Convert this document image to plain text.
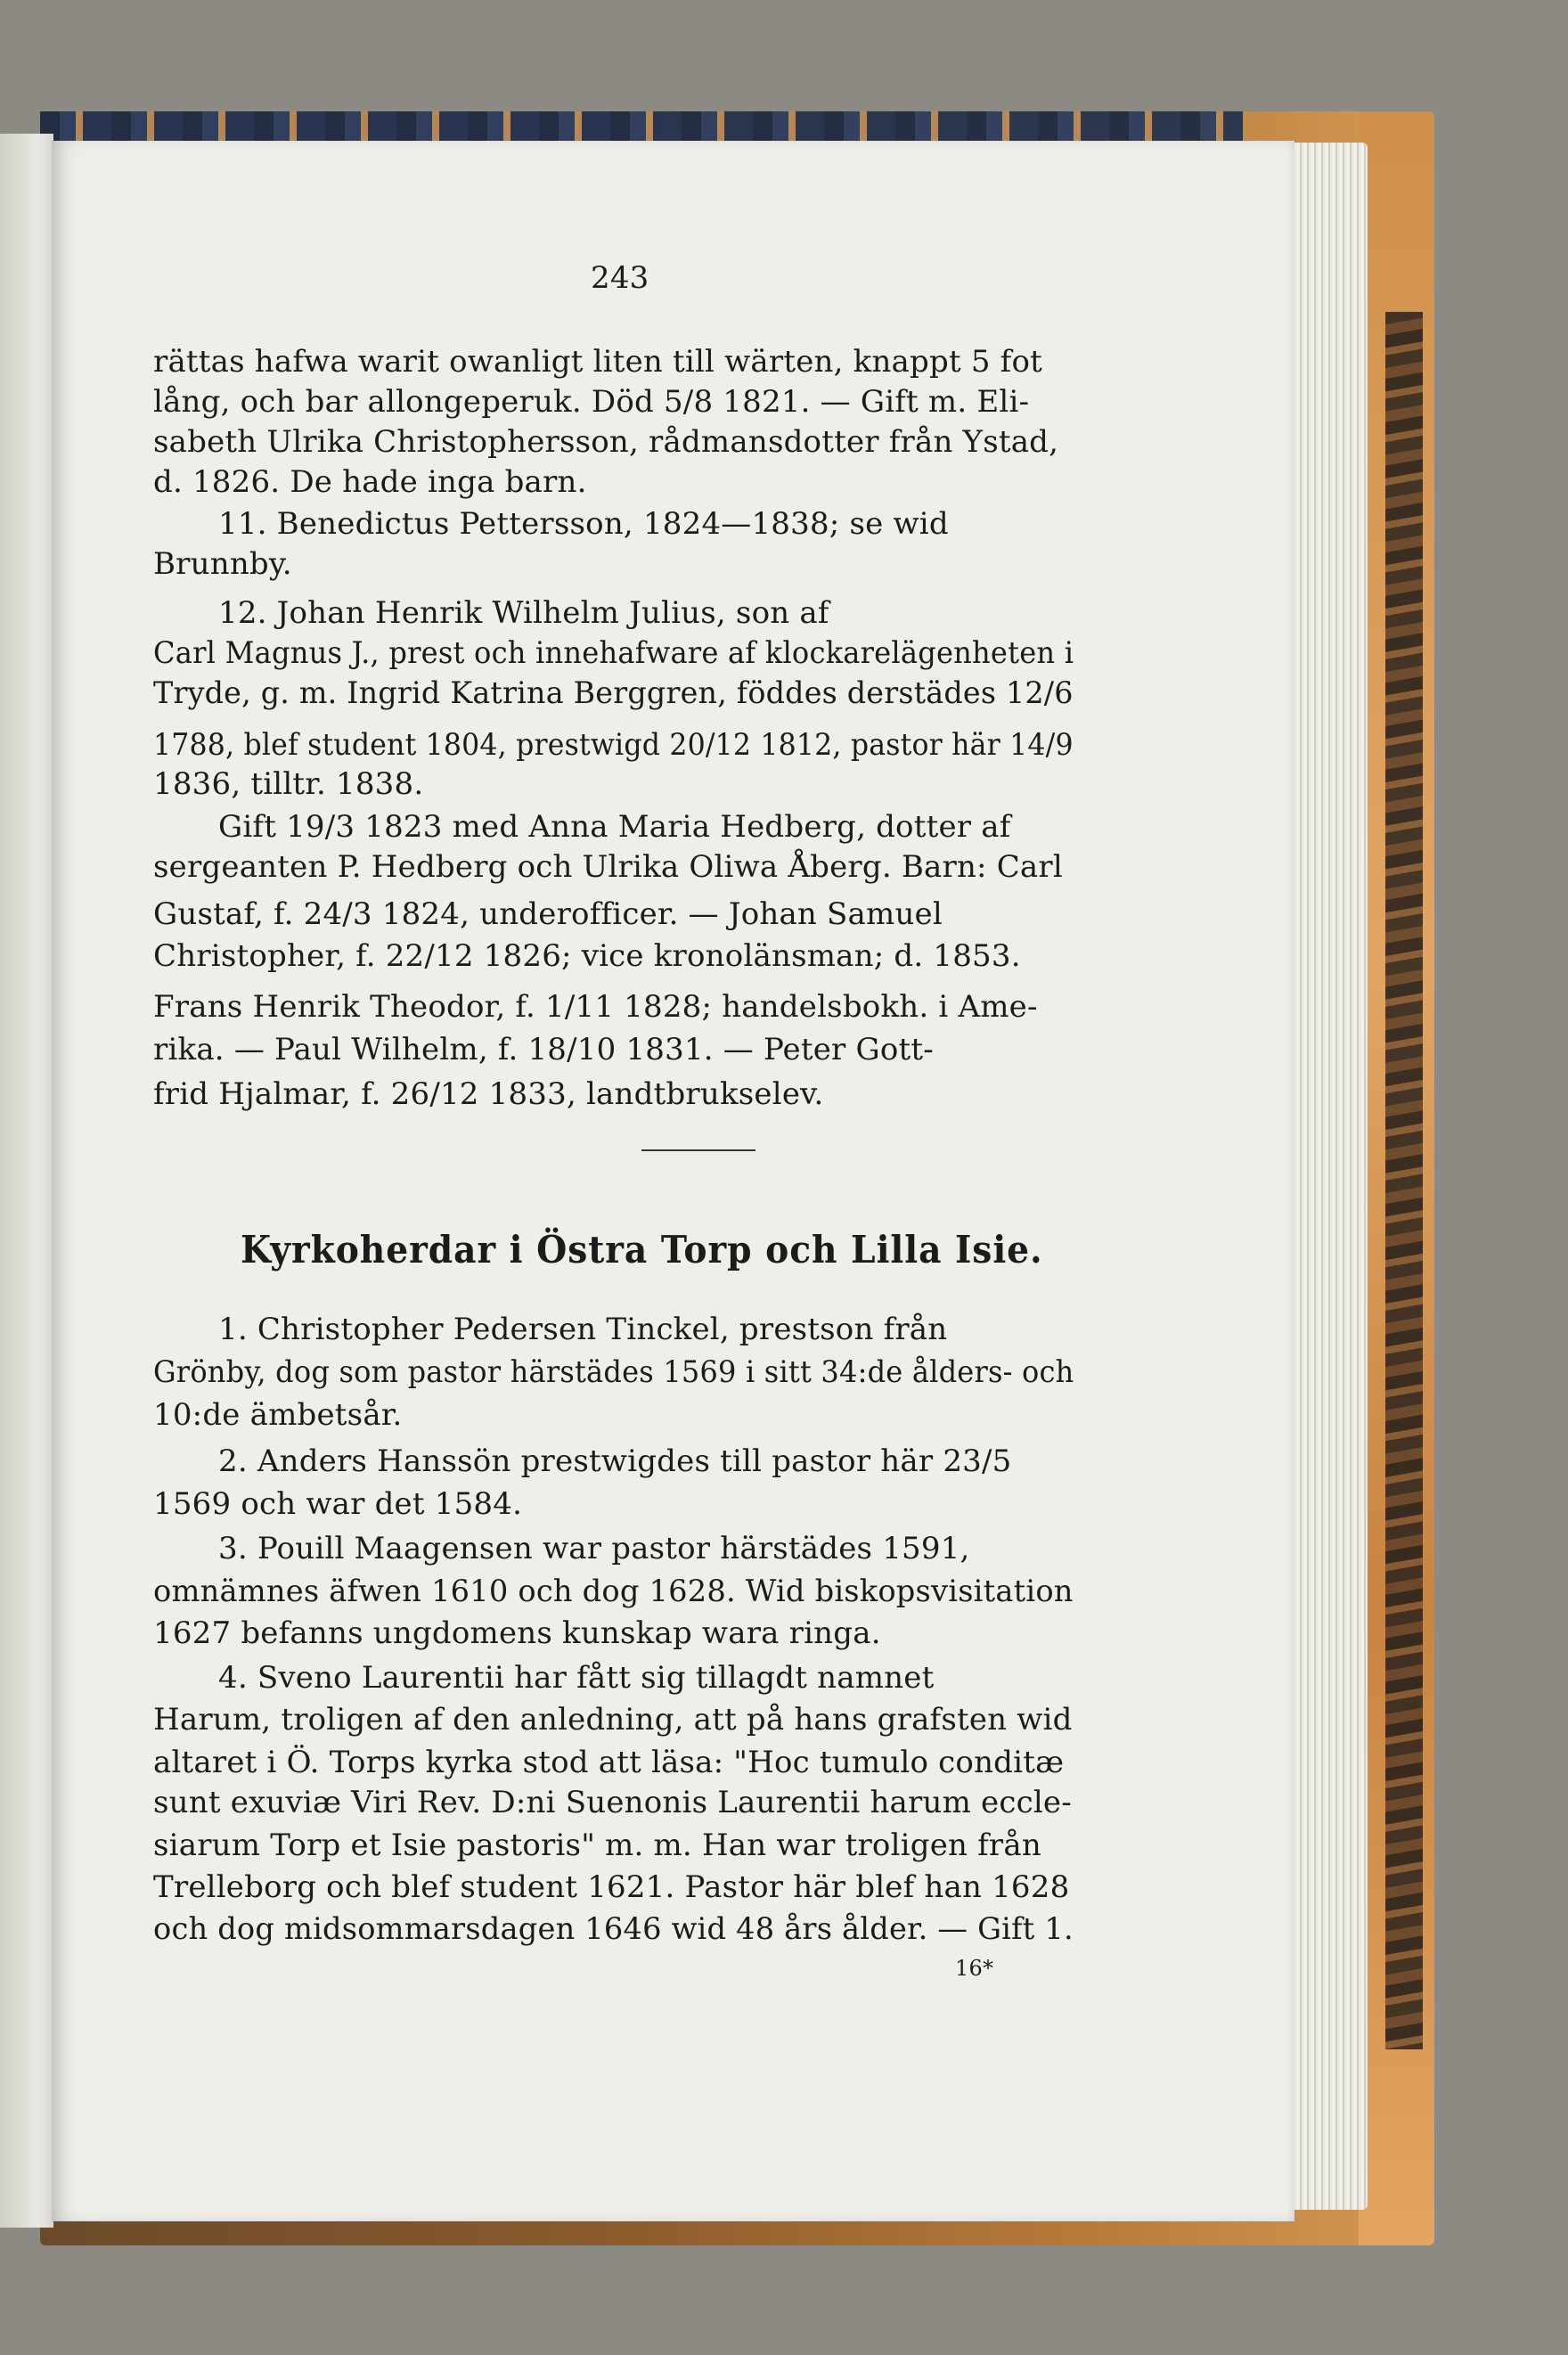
243
rättas hafwa warit owanligt liten till wärten, knappt 5 fot
lång, och bar allongeperuk. Död 5/8 1821. — Gift m. Eli-
sabeth Ulrika Christophersson, rådmansdotter från Ystad,
d. 1826. De hade inga barn.
11. Benedictus Pettersson, 1824—1838; se wid
Brunnby.
12. Johan Henrik Wilhelm Julius, son af
Carl Magnus J., prest och innehafware af klockarelägenheten i
Tryde, g. m. Ingrid Katrina Berggren, föddes derstädes 12/6
1788, blef student 1804, prestwigd 20/12 1812, pastor här 14/9
1836, tilltr. 1838.
Gift 19/3 1823 med Anna Maria Hedberg, dotter af
sergeanten P. Hedberg och Ulrika Oliwa Åberg. Barn: Carl
Gustaf, f. 24/3 1824, underofficer. — Johan Samuel
Christopher, f. 22/12 1826; vice kronolänsman; d. 1853.
Frans Henrik Theodor, f. 1/11 1828; handelsbokh. i Ame-
rika. — Paul Wilhelm, f. 18/10 1831. — Peter Gott-
frid Hjalmar, f. 26/12 1833, landtbrukselev.
Kyrkoherdar i Östra Torp och Lilla Isie.
1. Christopher Pedersen Tinckel, prestson från
Grönby, dog som pastor härstädes 1569 i sitt 34:de ålders- och
10:de ämbetsår.
2. Anders Hanssön prestwigdes till pastor här 23/5
1569 och war det 1584.
3. Pouill Maagensen war pastor härstädes 1591,
omnämnes äfwen 1610 och dog 1628. Wid biskopsvisitation
1627 befanns ungdomens kunskap wara ringa.
4. Sveno Laurentii har fått sig tillagdt namnet
Harum, troligen af den anledning, att på hans grafsten wid
altaret i Ö. Torps kyrka stod att läsa: "Hoc tumulo conditæ
sunt exuviæ Viri Rev. D:ni Suenonis Laurentii harum eccle-
siarum Torp et Isie pastoris" m. m. Han war troligen från
Trelleborg och blef student 1621. Pastor här blef han 1628
och dog midsommarsdagen 1646 wid 48 års ålder. — Gift 1.
16*
